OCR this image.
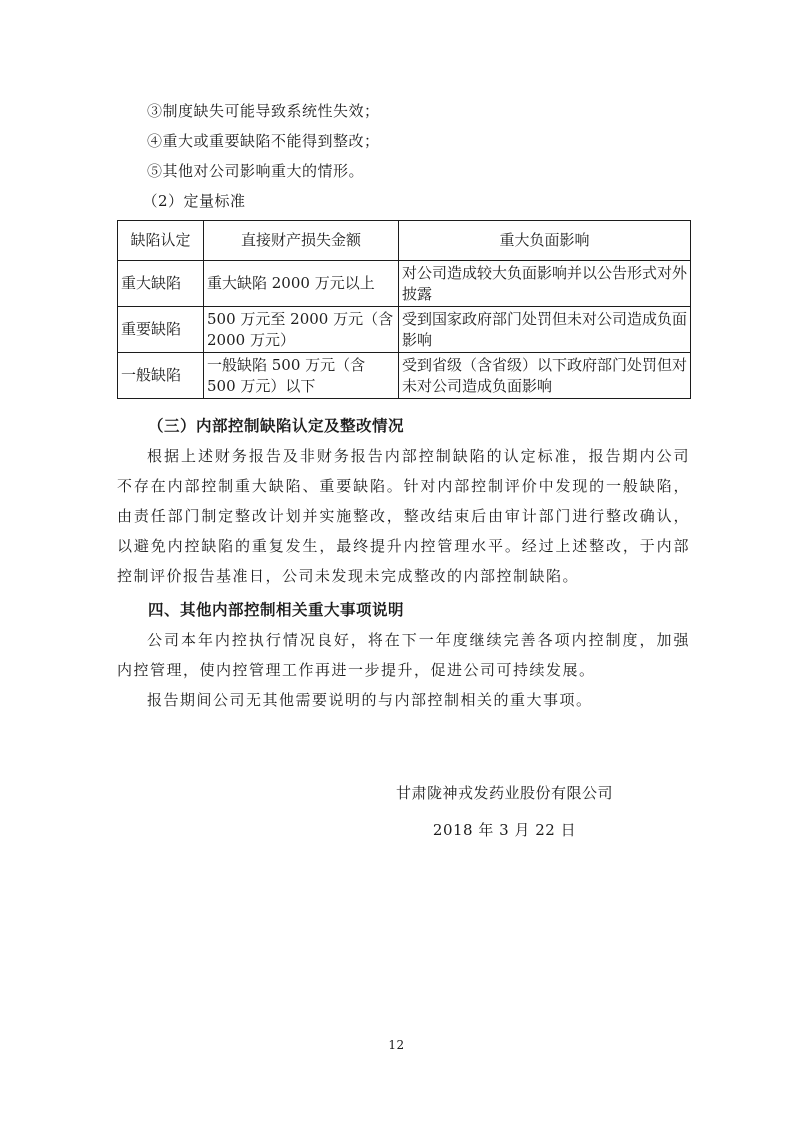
③制度缺失可能导致系统性失效；

④重大或重要缺陷不能得到整改；

⑤其他对公司影响重大的情形。

（2）定量标准

缺陷认定	直接财产损失金额	重大负面影响
重大缺陷	重大缺陷 2000 万元以上	对公司造成较大负面影响并以公告形式对外披露
重要缺陷	500 万元至 2000 万元（含 2000 万元）	受到国家政府部门处罚但未对公司造成负面影响
一般缺陷	一般缺陷 500 万元（含 500 万元）以下	受到省级（含省级）以下政府部门处罚但对未对公司造成负面影响

（三）内部控制缺陷认定及整改情况

根据上述财务报告及非财务报告内部控制缺陷的认定标准，报告期内公司不存在内部控制重大缺陷、重要缺陷。针对内部控制评价中发现的一般缺陷，由责任部门制定整改计划并实施整改，整改结束后由审计部门进行整改确认，以避免内控缺陷的重复发生，最终提升内控管理水平。经过上述整改，于内部控制评价报告基准日，公司未发现未完成整改的内部控制缺陷。

四、其他内部控制相关重大事项说明

公司本年内控执行情况良好，将在下一年度继续完善各项内控制度，加强内控管理，使内控管理工作再进一步提升，促进公司可持续发展。

报告期间公司无其他需要说明的与内部控制相关的重大事项。

甘肃陇神戎发药业股份有限公司

2018 年 3 月 22 日

12
